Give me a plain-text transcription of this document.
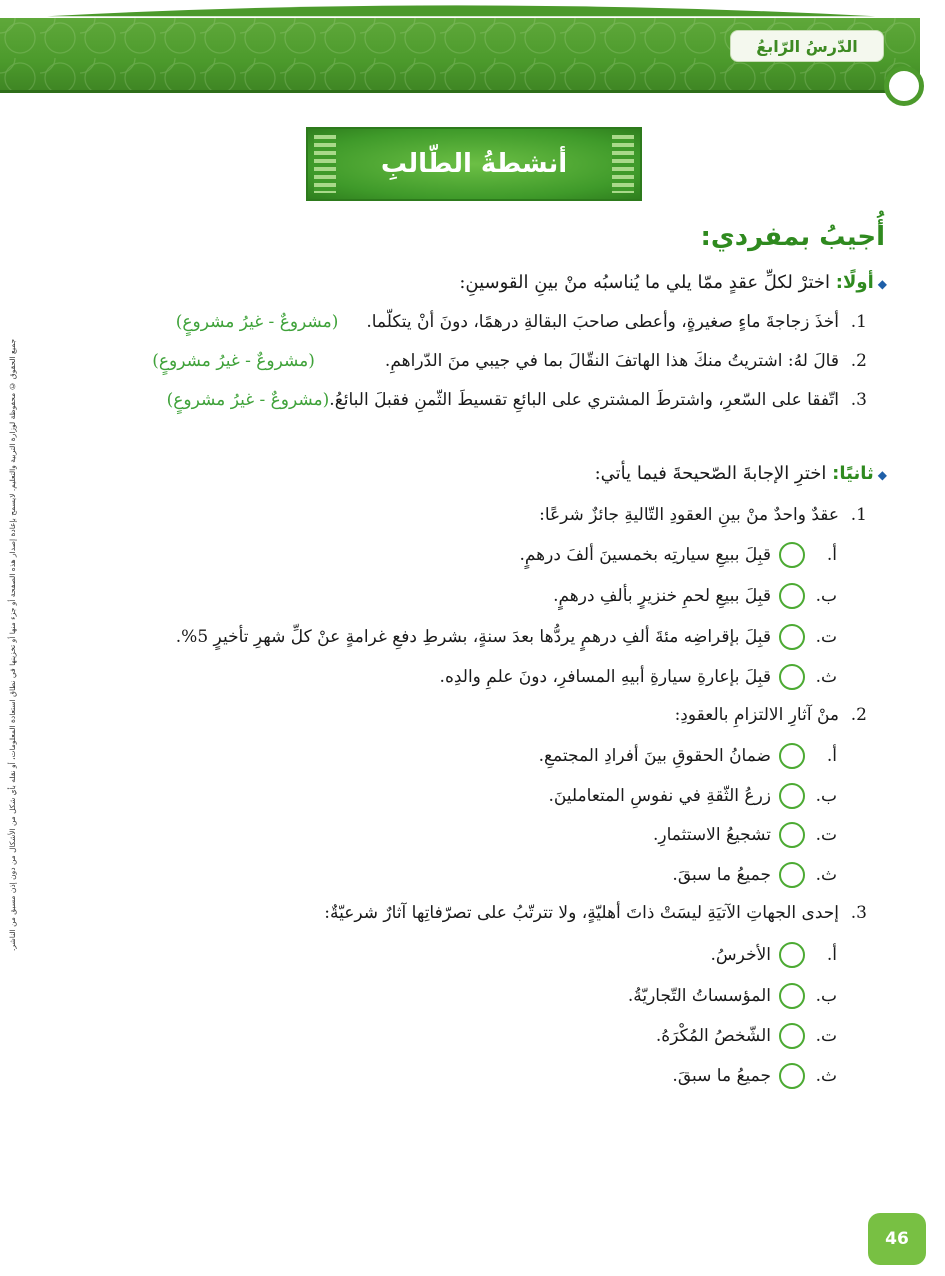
الدّرسُ الرّابعُ
أنشطةُ الطّالبِ
أُجيبُ بمفردي:
جميع الحقوق © محفوظة لوزارة التربية والتعليم. لايسمح بإعادة إصدار هذه الصفحة أو جزء منها أو تخزينها في نطاق استعادة المعلومات، أو نقله بأي شكل من الأشكال من دون إذن مسبق من الناشر.
◆أولًا: اخترْ لكلِّ عقدٍ ممّا يلي ما يُناسبُه منْ بينِ القوسينِ:
1.أخذَ زجاجةَ ماءٍ صغيرةٍ، وأعطى صاحبَ البقالةِ درهمًا، دونَ أنْ يتكلّما.(مشروعٌ - غيرُ مشروعٍ)
2.قالَ لهُ: اشتريتُ منكَ هذا الهاتفَ النقّالَ بما في جيبي منَ الدّراهمِ.(مشروعٌ - غيرُ مشروعٍ)
3.اتّفقا على السّعرِ، واشترطَ المشتري على البائعِ تقسيطَ الثّمنِ فقبلَ البائعُ.(مشروعٌ - غيرُ مشروعٍ)
◆ثانيًا: اخترِ الإجابةَ الصّحيحةَ فيما يأتي:
1.عقدٌ واحدٌ منْ بينِ العقودِ التّاليةِ جائزٌ شرعًا:
أ.
قبِلَ ببيعِ سيارتِه بخمسينَ ألفَ درهمٍ.
ب.
قبِلَ ببيعِ لحمِ خنزيرٍ بألفِ درهمٍ.
ت.
قبِلَ بإقراضِه مئةَ ألفِ درهمٍ يردُّها بعدَ سنةٍ، بشرطِ دفعِ غرامةٍ عنْ كلِّ شهرِ تأخيرٍ 5%.
ث.
قبِلَ بإعارةِ سيارةِ أبيهِ المسافرِ، دونَ علمِ والدِه.
2.منْ آثارِ الالتزامِ بالعقودِ:
أ.
ضمانُ الحقوقِ بينَ أفرادِ المجتمعِ.
ب.
زرعُ الثّقةِ في نفوسِ المتعاملينَ.
ت.
تشجيعُ الاستثمارِ.
ث.
جميعُ ما سبقَ.
3.إحدى الجهاتِ الآتيَةِ ليسَتْ ذاتَ أهليّةٍ، ولا تترتّبُ على تصرّفاتِها آثارٌ شرعيّةٌ:
أ.
الأخرسُ.
ب.
المؤسساتُ التّجاريّةُ.
ت.
الشّخصُ المُكْرَهُ.
ث.
جميعُ ما سبقَ.
46
